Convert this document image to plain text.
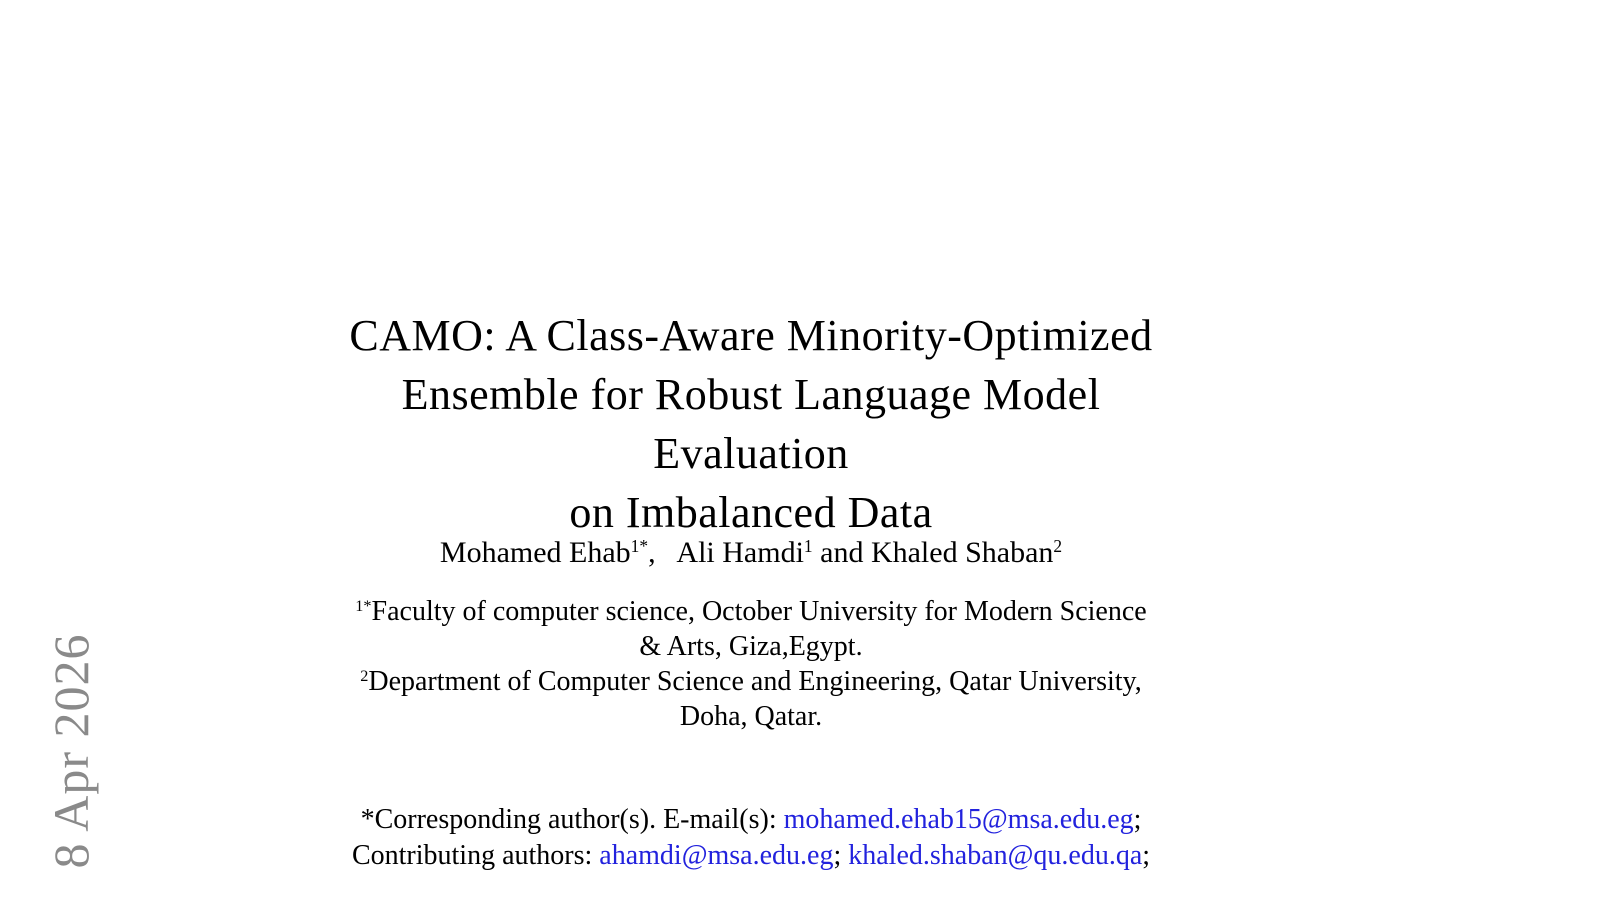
8 Apr 2026
CAMO: A Class-Aware Minority-Optimized
Ensemble for Robust Language Model Evaluation
on Imbalanced Data
Mohamed Ehab$^{1*}$,  Ali Hamdi$^1$ and Khaled Shaban$^2$
$^{1*}$Faculty of computer science, October University for Modern Science
& Arts, Giza,Egypt.
$^2$Department of Computer Science and Engineering, Qatar University,
Doha, Qatar.
*Corresponding author(s). E-mail(s): mohamed.ehab15@msa.edu.eg;
Contributing authors: ahamdi@msa.edu.eg; khaled.shaban@qu.edu.qa;
